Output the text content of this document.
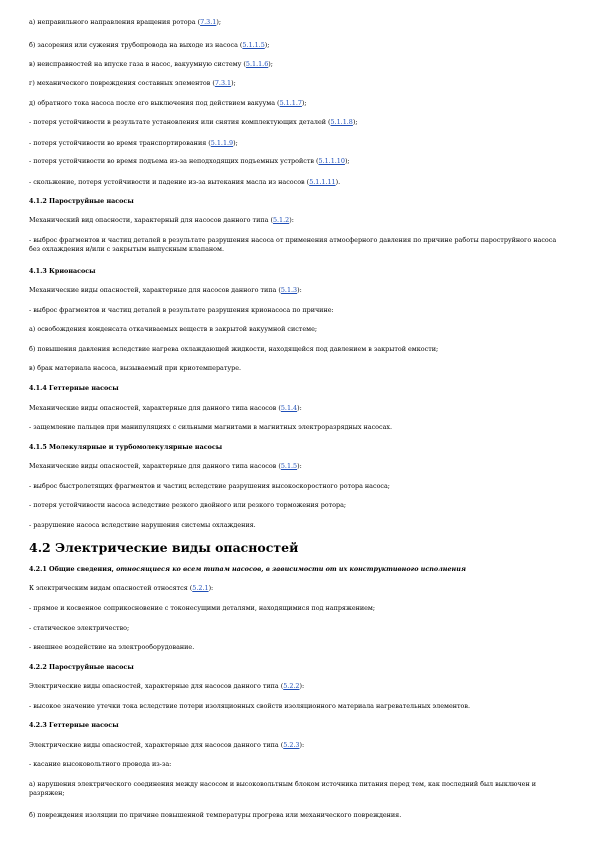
а) неправильного направления вращения ротора (7.3.1);
б) засорения или сужения трубопровода на выходе из насоса (5.1.1.5);
в) неисправностей на впуске газа в насос, вакуумную систему (5.1.1.6);
г) механического повреждения составных элементов (7.3.1);
д) обратного тока насоса после его выключения под действием вакуума (5.1.1.7);
- потеря устойчивости в результате установления или снятия комплектующих деталей (5.1.1.8);
- потеря устойчивости во время транспортирования (5.1.1.9);
- потеря устойчивости во время подъема из-за неподходящих подъемных устройств (5.1.1.10);
- скольжение, потеря устойчивости и падение из-за вытекания масла из насосов (5.1.1.11).
4.1.2 Пароструйные насосы
Механический вид опасности, характерный для насосов данного типа (5.1.2):
- выброс фрагментов и частиц деталей в результате разрушения насоса от применения атмосферного давления по причине работы пароструйного насоса без охлаждения и/или с закрытым выпускным клапаном.
4.1.3 Крионасосы
Механические виды опасностей, характерные для насосов данного типа (5.1.3):
- выброс фрагментов и частиц деталей в результате разрушения крионасоса по причине:
а) освобождения конденсата откачиваемых веществ в закрытой вакуумной системе;
б) повышения давления вследствие нагрева охлаждающей жидкости, находящейся под давлением в закрытой емкости;
в) брак материала насоса, вызываемый при криотемпературе.
4.1.4 Геттерные насосы
Механические виды опасностей, характерные для данного типа насосов (5.1.4):
- защемление пальцев при манипуляциях с сильными магнитами в магнитных электроразрядных насосах.
4.1.5 Молекулярные и турбомолекулярные насосы
Механические виды опасностей, характерные для данного типа насосов (5.1.5):
- выброс быстролетящих фрагментов и частиц вследствие разрушения высокоскоростного ротора насоса;
- потеря устойчивости насоса вследствие резкого двойного или резкого торможения ротора;
- разрушение насоса вследствие нарушения системы охлаждения.
4.2 Электрические виды опасностей
4.2.1 Общие сведения, относящиеся ко всем типам насосов, в зависимости от их конструктивного исполнения
К электрическим видам опасностей относятся (5.2.1):
- прямое и косвенное соприкосновение с токонесущими деталями, находящимися под напряжением;
- статическое электричество;
- внешнее воздействие на электрооборудование.
4.2.2 Пароструйные насосы
Электрические виды опасностей, характерные для насосов данного типа (5.2.2):
- высокое значение утечки тока вследствие потери изоляционных свойств изоляционного материала нагревательных элементов.
4.2.3 Геттерные насосы
Электрические виды опасностей, характерные для насосов данного типа (5.2.3):
- касание высоковольтного провода из-за:
а) нарушения электрического соединения между насосом и высоковольтным блоком источника питания перед тем, как последний был выключен и разряжен;
б) повреждения изоляции по причине повышенной температуры прогрева или механического повреждения.
